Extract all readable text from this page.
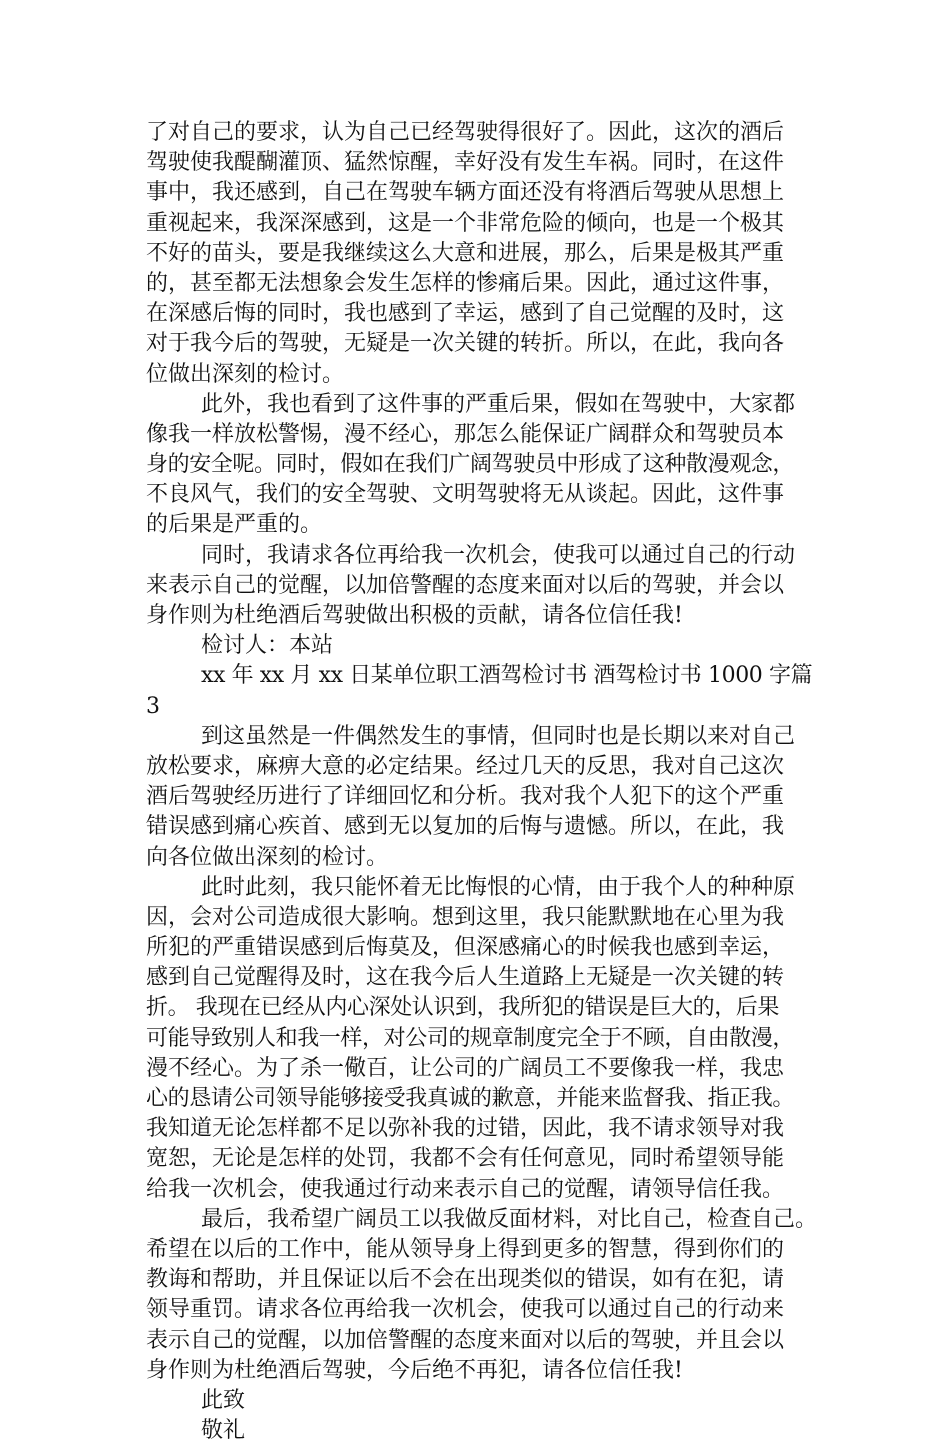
了对自己的要求，认为自己已经驾驶得很好了。因此，这次的酒后
驾驶使我醍醐灌顶、猛然惊醒，幸好没有发生车祸。同时，在这件
事中，我还感到，自己在驾驶车辆方面还没有将酒后驾驶从思想上
重视起来，我深深感到，这是一个非常危险的倾向，也是一个极其
不好的苗头，要是我继续这么大意和进展，那么，后果是极其严重
的，甚至都无法想象会发生怎样的惨痛后果。因此，通过这件事，
在深感后悔的同时，我也感到了幸运，感到了自己觉醒的及时，这
对于我今后的驾驶，无疑是一次关键的转折。所以，在此，我向各
位做出深刻的检讨。
此外，我也看到了这件事的严重后果，假如在驾驶中，大家都
像我一样放松警惕，漫不经心，那怎么能保证广阔群众和驾驶员本
身的安全呢。同时，假如在我们广阔驾驶员中形成了这种散漫观念，
不良风气，我们的安全驾驶、文明驾驶将无从谈起。因此，这件事
的后果是严重的。
同时，我请求各位再给我一次机会，使我可以通过自己的行动
来表示自己的觉醒，以加倍警醒的态度来面对以后的驾驶，并会以
身作则为杜绝酒后驾驶做出积极的贡献，请各位信任我!
检讨人：本站
xx 年 xx 月 xx 日某单位职工酒驾检讨书 酒驾检讨书 1000 字篇
3
到这虽然是一件偶然发生的事情，但同时也是长期以来对自己
放松要求，麻痹大意的必定结果。经过几天的反思，我对自己这次
酒后驾驶经历进行了详细回忆和分析。我对我个人犯下的这个严重
错误感到痛心疾首、感到无以复加的后悔与遗憾。所以，在此，我
向各位做出深刻的检讨。
此时此刻，我只能怀着无比悔恨的心情，由于我个人的种种原
因，会对公司造成很大影响。想到这里，我只能默默地在心里为我
所犯的严重错误感到后悔莫及，但深感痛心的时候我也感到幸运，
感到自己觉醒得及时，这在我今后人生道路上无疑是一次关键的转
折。 我现在已经从内心深处认识到，我所犯的错误是巨大的，后果
可能导致别人和我一样，对公司的规章制度完全于不顾，自由散漫，
漫不经心。为了杀一儆百，让公司的广阔员工不要像我一样，我忠
心的恳请公司领导能够接受我真诚的歉意，并能来监督我、指正我。
我知道无论怎样都不足以弥补我的过错，因此，我不请求领导对我
宽恕，无论是怎样的处罚，我都不会有任何意见，同时希望领导能
给我一次机会，使我通过行动来表示自己的觉醒，请领导信任我。
最后，我希望广阔员工以我做反面材料，对比自己，检查自己。
希望在以后的工作中，能从领导身上得到更多的智慧，得到你们的
教诲和帮助，并且保证以后不会在出现类似的错误，如有在犯，请
领导重罚。请求各位再给我一次机会，使我可以通过自己的行动来
表示自己的觉醒，以加倍警醒的态度来面对以后的驾驶，并且会以
身作则为杜绝酒后驾驶，今后绝不再犯，请各位信任我!
此致
敬礼
